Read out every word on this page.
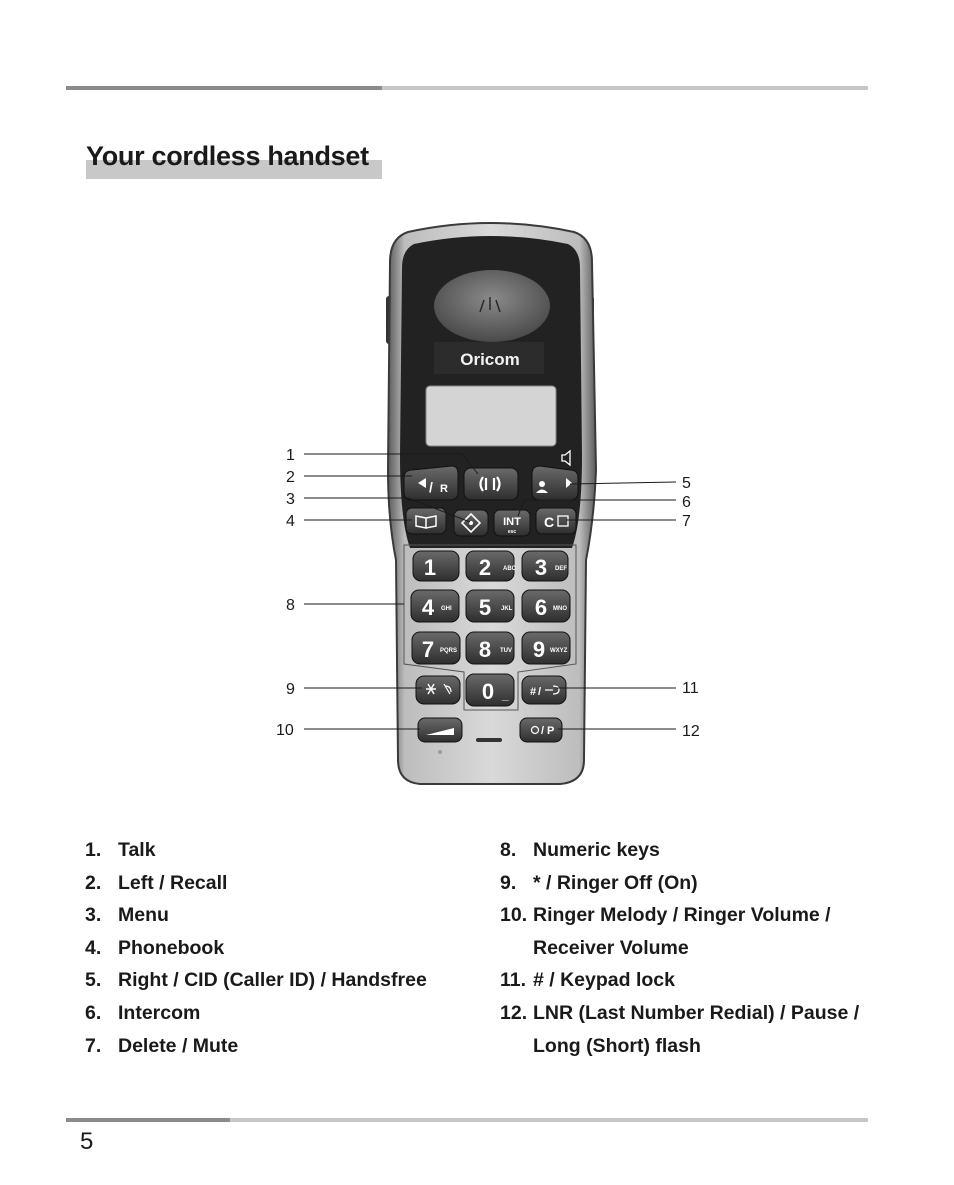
Your cordless handset
Oricom
R
/
INT
esc
C
1 2 ABC 3 DEF
4 GHI 5 JKL 6 MNO
7 PQRS 8 TUV 9 WXYZ
0 _ # /
/ P
1
2
3
4
5
6
7
8
9	11
10	12
1. Talk
2. Left / Recall
3. Menu
4. Phonebook
5. Right / CID (Caller ID) / Handsfree
6. Intercom
7. Delete / Mute
8. Numeric keys
9. * / Ringer Off (On)
10. Ringer Melody / Ringer Volume / Receiver Volume
11. # / Keypad lock
12. LNR (Last Number Redial) / Pause / Long (Short) flash
5
